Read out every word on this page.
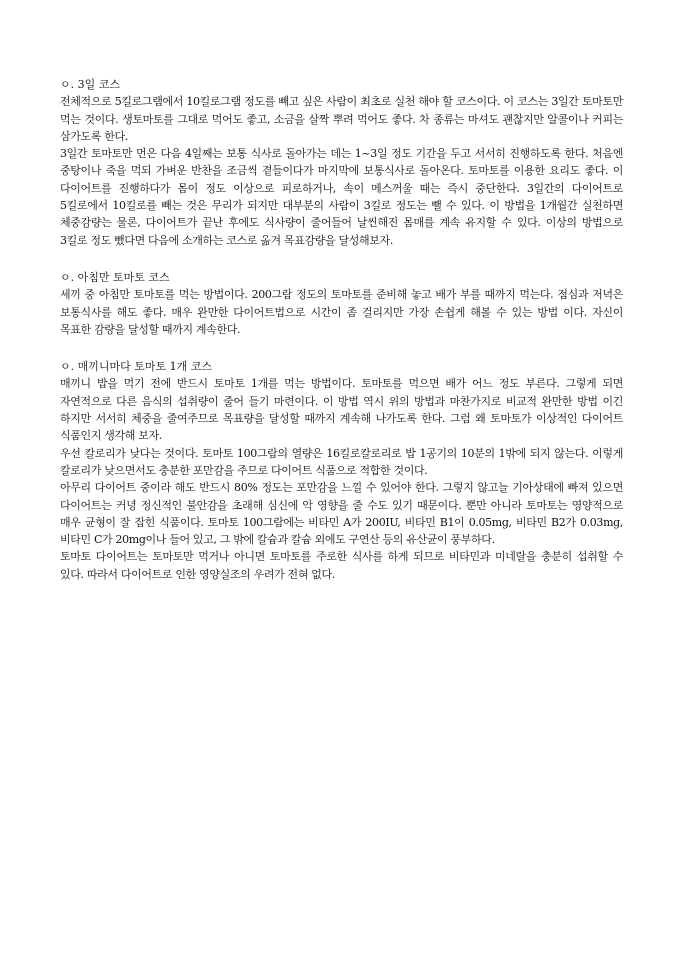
ㅇ. 3일 코스

전체적으로 5킬로그램에서 10킬로그램 정도를 빼고 싶은 사람이 최초로 실천 해야 할 코스이다. 이 코스는 3일간 토마토만 먹는 것이다. 생토마토를 그대로 먹어도 좋고, 소금을 살짝 뿌려 먹어도 좋다. 차 종류는 마셔도 괜찮지만 알콜이나 커피는 삼가도록 한다.

3일간 토마토만 먼은 다음 4일째는 보통 식사로 돌아가는 데는 1~3일 정도 기간을 두고 서서히 진행하도록 한다. 처음엔 중탕이나 죽을 먹되 가벼운 반찬을 조금씩 곁들이다가 마지막에 보통식사로 돌아온다. 토마토를 이용한 요리도 좋다. 이 다이어트를 진행하다가 몸이 정도 이상으로 피로하거나, 속이 메스꺼울 때는 즉시 중단한다. 3일간의 다이어트로 5킬로에서 10킬로를 빼는 것은 무리가 되지만 대부분의 사람이 3킬로 정도는 뺄 수 있다. 이 방법을 1개월간 실천하면 체중감량는 물론, 다이어트가 끝난 후에도 식사량이 줄어들어 날씬해진 몸매를 계속 유지할 수 있다. 이상의 방법으로 3킬로 정도 뺐다면 다음에 소개하는 코스로 옮겨 목표감량을 달성해보자.

ㅇ. 아침만 토마토 코스

세끼 중 아침만 토마토를 먹는 방법이다. 200그람 정도의 토마토를 준비해 놓고 배가 부를 때까지 먹는다. 점심과 저녁은 보통식사를 해도 좋다. 매우 완만한 다이어트법으로 시간이 좀 걸리지만 가장 손쉽게 해볼 수 있는 방법 이다. 자신이 목표한 감량을 달성할 때까지 계속한다.

ㅇ. 매끼니마다 토마토 1개 코스

매끼니 밥을 먹기 전에 반드시 토마토 1개를 먹는 방법이다. 토마토를 먹으면 배가 어느 정도 부른다. 그렇게 되면 자연적으로 다른 음식의 섭취량이 줄어 들기 마련이다. 이 방법 역시 위의 방법과 마찬가지로 비교적 완만한 방법 이긴 하지만 서서히 체중을 줄여주므로 목표량을 달성할 때까지 계속해 나가도록 한다. 그럼 왜 토마토가 이상적인 다이어트 식품인지 생각해 보자.

우선 칼로리가 낮다는 것이다. 토마토 100그람의 열량은 16킬로칼로리로 밥 1공기의 10분의 1밖에 되지 않는다. 이렇게 칼로리가 낮으면서도 충분한 포만감을 주므로 다이어트 식품으로 적합한 것이다.

아무리 다이어트 중이라 해도 반드시 80% 정도는 포만감을 느낄 수 있어야 한다. 그렇지 않고늘 기아상태에 빠져 있으면 다이어트는 커녕 정신적인 불안감을 초래해 심신에 악 영향을 줄 수도 있기 때문이다. 뿐만 아니라 토마토는 영양적으로 매우 균형이 잘 잡힌 식품이다. 토마토 100그람에는 비타민 A가 200IU, 비타민 B1이 0.05mg, 비타민 B2가 0.03mg, 비타민 C가 20mg이나 들어 있고, 그 밖에 칼슘과 칼슘 외에도 구연산 등의 유산균이 풍부하다.

토마토 다이어트는 토마토만 먹거나 아니면 토마토를 주로한 식사를 하게 되므로 비타민과 미네랄을 충분히 섭취할 수 있다. 따라서 다이어트로 인한 영양실조의 우려가 전혀 없다.
